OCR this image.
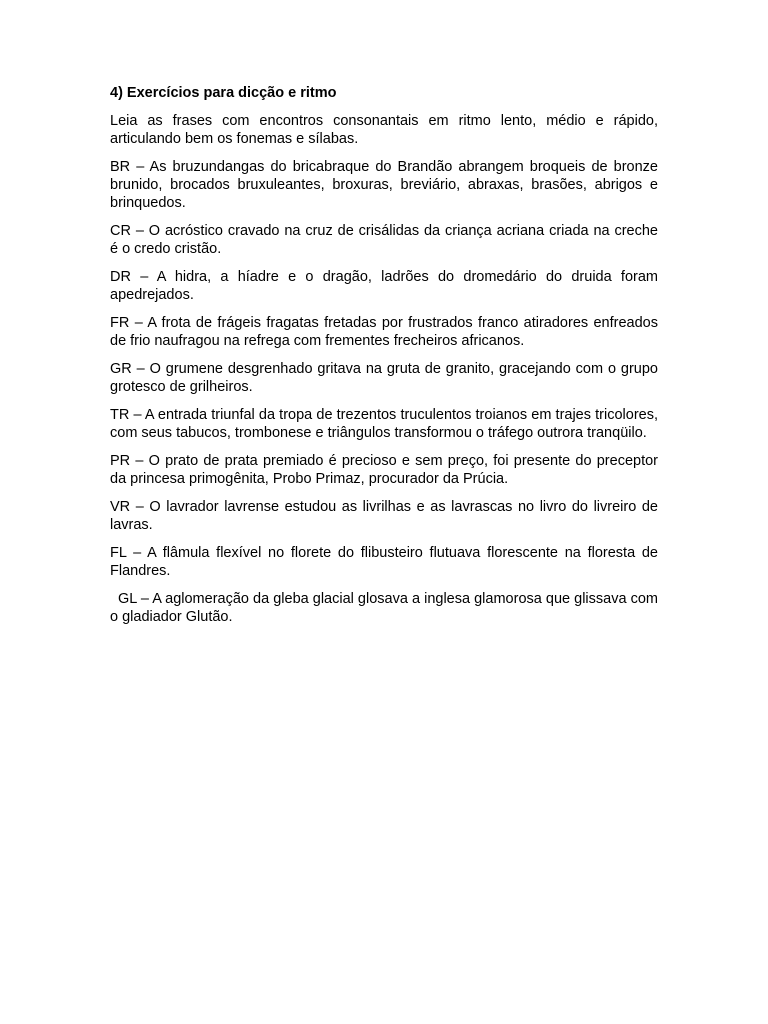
4) Exercícios para dicção e ritmo

Leia as frases com encontros consonantais em ritmo lento, médio e rápido, articulando bem os fonemas e sílabas.

BR – As bruzundangas do bricabraque do Brandão abrangem broqueis de bronze brunido, brocados bruxuleantes, broxuras, breviário, abraxas, brasões, abrigos e brinquedos.

CR – O acróstico cravado na cruz de crisálidas da criança acriana criada na creche é o credo cristão.

DR – A hidra, a híadre e o dragão, ladrões do dromedário do druida foram apedrejados.

FR – A frota de frágeis fragatas fretadas por frustrados franco atiradores enfreados de frio naufragou na refrega com frementes frecheiros africanos.

GR – O grumene desgrenhado gritava na gruta de granito, gracejando com o grupo grotesco de grilheiros.

TR – A entrada triunfal da tropa de trezentos truculentos troianos em trajes tricolores, com seus tabucos, trombonese e triângulos transformou o tráfego outrora tranqüilo.

PR – O prato de prata premiado é precioso e sem preço, foi presente do preceptor da princesa primogênita, Probo Primaz, procurador da Prúcia.

VR – O lavrador lavrense estudou as livrilhas e as lavrascas no livro do livreiro de lavras.

FL – A flâmula flexível no florete do flibusteiro flutuava florescente na floresta de Flandres.

GL – A aglomeração da gleba glacial glosava a inglesa glamorosa que glissava com o gladiador Glutão.
